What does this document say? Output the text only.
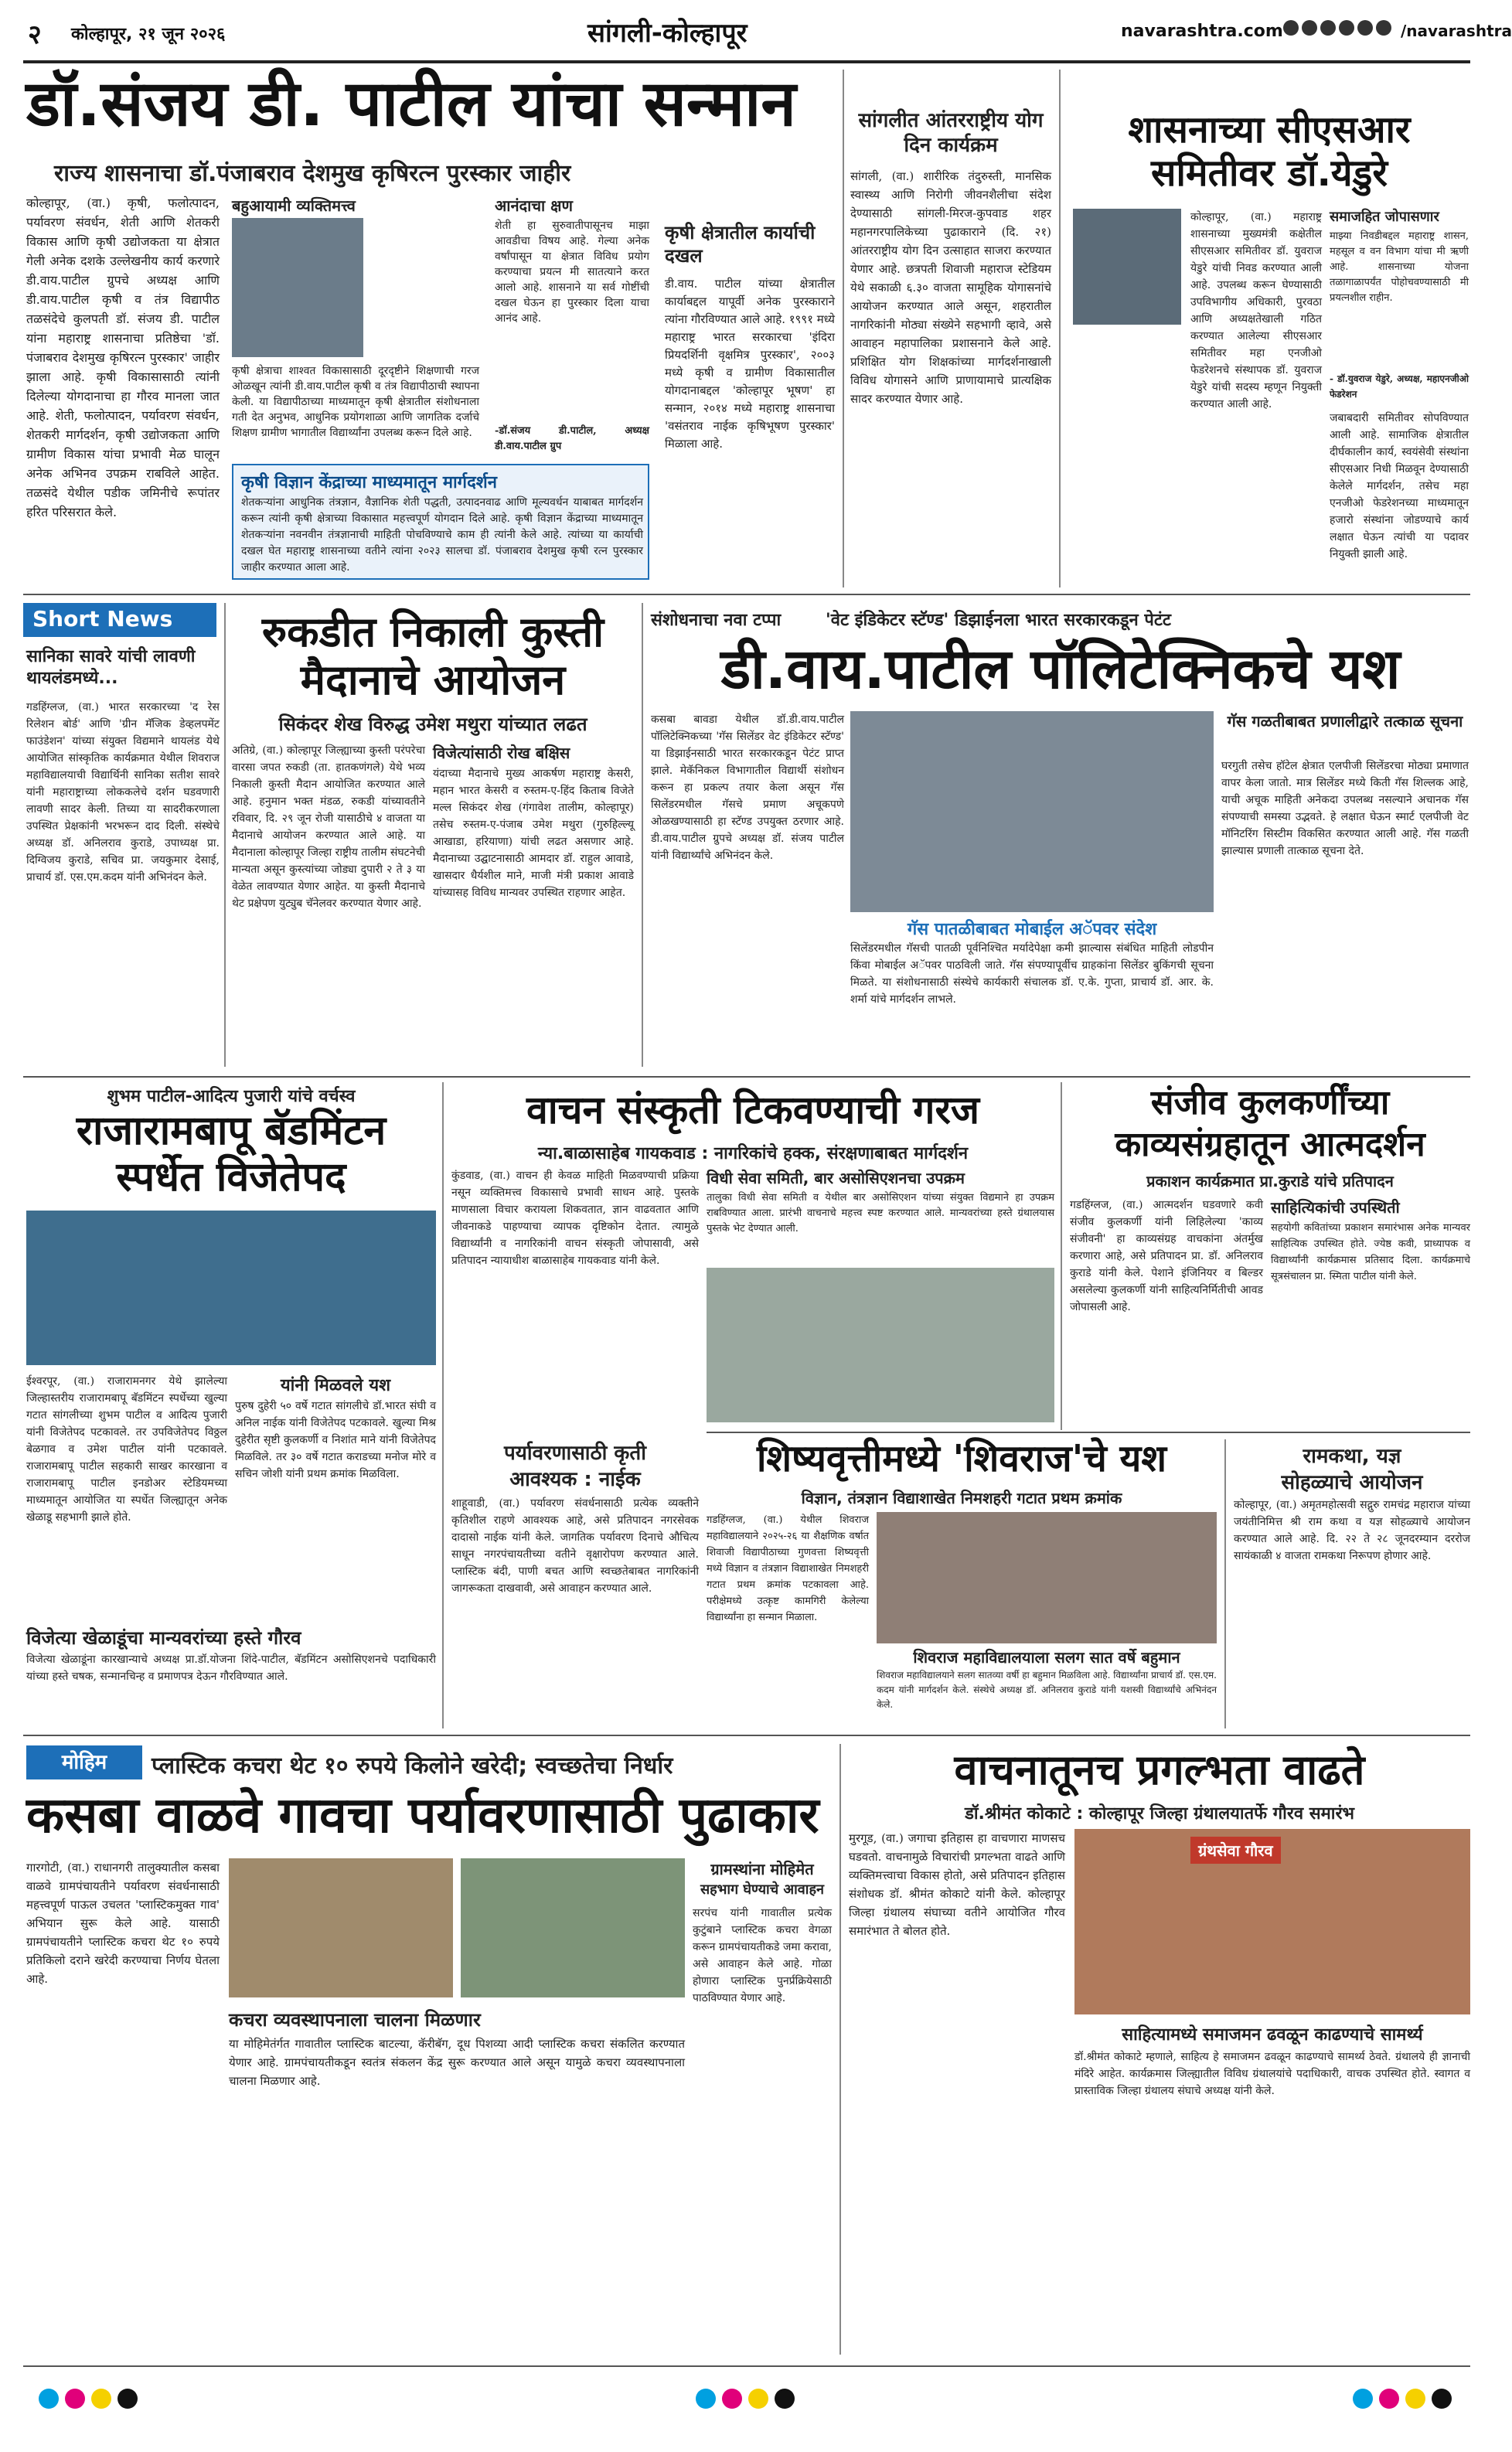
२ कोल्हापूर, २१ जून २०२६	सांगली-कोल्हापूर	navarashtra.com	/navarashtra
डॉ.संजय डी. पाटील यांचा सन्मान
राज्य शासनाचा डॉ.पंजाबराव देशमुख कृषिरत्न पुरस्कार जाहीर
कोल्हापूर, (वा.) कृषी, फलोत्पादन, पर्यावरण संवर्धन, शेती आणि शेतकरी विकास आणि कृषी उद्योजकता या क्षेत्रात गेली अनेक दशके उल्लेखनीय कार्य करणारे डी.वाय.पाटील ग्रुपचे अध्यक्ष आणि डी.वाय.पाटील कृषी व तंत्र विद्यापीठ तळसंदेचे कुलपती डॉ. संजय डी. पाटील यांना महाराष्ट्र शासनाचा प्रतिष्ठेचा 'डॉ. पंजाबराव देशमुख कृषिरत्न पुरस्कार' जाहीर झाला आहे. कृषी विकासासाठी त्यांनी दिलेल्या योगदानाचा हा गौरव मानला जात आहे. शेती, फलोत्पादन, पर्यावरण संवर्धन, शेतकरी मार्गदर्शन, कृषी उद्योजकता आणि ग्रामीण विकास यांचा प्रभावी मेळ घालून अनेक अभिनव उपक्रम राबविले आहेत. तळसंदे येथील पडीक जमिनीचे रूपांतर हरित परिसरात केले.
बहुआयामी व्यक्तिमत्त्व
कृषी क्षेत्राचा शाश्वत विकासासाठी दूरदृष्टीने शिक्षणाची गरज ओळखून त्यांनी डी.वाय.पाटील कृषी व तंत्र विद्यापीठाची स्थापना केली. या विद्यापीठाच्या माध्यमातून कृषी क्षेत्रातील संशोधनाला गती देत अनुभव, आधुनिक प्रयोगशाळा आणि जागतिक दर्जाचे शिक्षण ग्रामीण भागातील विद्यार्थ्यांना उपलब्ध करून दिले आहे.
आनंदाचा क्षण
शेती हा सुरुवातीपासूनच माझा आवडीचा विषय आहे. गेल्या अनेक वर्षांपासून या क्षेत्रात विविध प्रयोग करण्याचा प्रयत्न मी सातत्याने करत आलो आहे. शासनाने या सर्व गोष्टींची दखल घेऊन हा पुरस्कार दिला याचा आनंद आहे.
-डॉ.संजय डी.पाटील, अध्यक्ष डी.वाय.पाटील ग्रुप
कृषी क्षेत्रातील कार्याची दखल
डी.वाय. पाटील यांच्या क्षेत्रातील कार्याबद्दल यापूर्वी अनेक पुरस्काराने त्यांना गौरविण्यात आले आहे. १९९१ मध्ये महाराष्ट्र भारत सरकारचा 'इंदिरा प्रियदर्शिनी वृक्षमित्र पुरस्कार', २००३ मध्ये कृषी व ग्रामीण विकासातील योगदानाबद्दल 'कोल्हापूर भूषण' हा सन्मान, २०१४ मध्ये महाराष्ट्र शासनाचा 'वसंतराव नाईक कृषिभूषण पुरस्कार' मिळाला आहे.
कृषी विज्ञान केंद्राच्या माध्यमातून मार्गदर्शन
शेतकऱ्यांना आधुनिक तंत्रज्ञान, वैज्ञानिक शेती पद्धती, उत्पादनवाढ आणि मूल्यवर्धन याबाबत मार्गदर्शन करून त्यांनी कृषी क्षेत्राच्या विकासात महत्त्वपूर्ण योगदान दिले आहे. कृषी विज्ञान केंद्राच्या माध्यमातून शेतकऱ्यांना नवनवीन तंत्रज्ञानाची माहिती पोचविण्याचे काम ही त्यांनी केले आहे. त्यांच्या या कार्याची दखल घेत महाराष्ट्र शासनाच्या वतीने त्यांना २०२३ सालचा डॉ. पंजाबराव देशमुख कृषी रत्न पुरस्कार जाहीर करण्यात आला आहे.
सांगलीत आंतरराष्ट्रीय योग दिन कार्यक्रम
सांगली, (वा.) शारीरिक तंदुरुस्ती, मानसिक स्वास्थ्य आणि निरोगी जीवनशैलीचा संदेश देण्यासाठी सांगली-मिरज-कुपवाड शहर महानगरपालिकेच्या पुढाकाराने (दि. २१) आंतरराष्ट्रीय योग दिन उत्साहात साजरा करण्यात येणार आहे. छत्रपती शिवाजी महाराज स्टेडियम येथे सकाळी ६.३० वाजता सामूहिक योगासनांचे आयोजन करण्यात आले असून, शहरातील नागरिकांनी मोठ्या संख्येने सहभागी व्हावे, असे आवाहन महापालिका प्रशासनाने केले आहे. प्रशिक्षित योग शिक्षकांच्या मार्गदर्शनाखाली विविध योगासने आणि प्राणायामाचे प्रात्यक्षिक सादर करण्यात येणार आहे.
शासनाच्या सीएसआर समितीवर डॉ.येडुरे
समाजहित जोपासणार
कोल्हापूर, (वा.) महाराष्ट्र शासनाच्या मुख्यमंत्री कक्षेतील सीएसआर समितीवर डॉ. युवराज येडुरे यांची निवड करण्यात आली आहे. उपलब्ध करून घेण्यासाठी उपविभागीय अधिकारी, पुरवठा आणि अध्यक्षतेखाली गठित करण्यात आलेल्या सीएसआर समितीवर महा एनजीओ फेडरेशनचे संस्थापक डॉ. युवराज येडुरे यांची सदस्य म्हणून नियुक्ती करण्यात आली आहे.
माझ्या निवडीबद्दल महाराष्ट्र शासन, महसूल व वन विभाग यांचा मी ऋणी आहे. शासनाच्या योजना तळागाळापर्यंत पोहोचवण्यासाठी मी प्रयत्नशील राहीन.
- डॉ.युवराज येडुरे, अध्यक्ष, महाएनजीओ फेडरेशन
जबाबदारी समितीवर सोपविण्यात आली आहे. सामाजिक क्षेत्रातील दीर्घकालीन कार्य, स्वयंसेवी संस्थांना सीएसआर निधी मिळवून देण्यासाठी केलेले मार्गदर्शन, तसेच महा एनजीओ फेडरेशनच्या माध्यमातून हजारो संस्थांना जोडण्याचे कार्य लक्षात घेऊन त्यांची या पदावर नियुक्ती झाली आहे.
Short News
सानिका सावरे यांची लावणी थायलंडमध्ये...
गडहिंग्लज, (वा.) भारत सरकारच्या 'द रेस रिलेशन बोर्ड' आणि 'ग्रीन मॅजिक डेव्हलपमेंट फाउंडेशन' यांच्या संयुक्त विद्यमाने थायलंड येथे आयोजित सांस्कृतिक कार्यक्रमात येथील शिवराज महाविद्यालयाची विद्यार्थिनी सानिका सतीश सावरे यांनी महाराष्ट्राच्या लोककलेचे दर्शन घडवणारी लावणी सादर केली. तिच्या या सादरीकरणाला उपस्थित प्रेक्षकांनी भरभरून दाद दिली. संस्थेचे अध्यक्ष डॉ. अनिलराव कुराडे, उपाध्यक्ष प्रा. दिग्विजय कुराडे, सचिव प्रा. जयकुमार देसाई, प्राचार्य डॉ. एस.एम.कदम यांनी अभिनंदन केले.
रुकडीत निकाली कुस्ती
मैदानाचे आयोजन
सिकंदर शेख विरुद्ध उमेश मथुरा यांच्यात लढत
अतिग्रे, (वा.) कोल्हापूर जिल्ह्याच्या कुस्ती परंपरेचा वारसा जपत रुकडी (ता. हातकणंगले) येथे भव्य निकाली कुस्ती मैदान आयोजित करण्यात आले आहे. हनुमान भक्त मंडळ, रुकडी यांच्यावतीने रविवार, दि. २९ जून रोजी यासाठीचे ४ वाजता या मैदानाचे आयोजन करण्यात आले आहे. या मैदानाला कोल्हापूर जिल्हा राष्ट्रीय तालीम संघटनेची मान्यता असून कुस्त्यांच्या जोड्या दुपारी २ ते ३ या वेळेत लावण्यात येणार आहेत. या कुस्ती मैदानाचे थेट प्रक्षेपण युट्युब चॅनेलवर करण्यात येणार आहे.
विजेत्यांसाठी रोख बक्षिस
यंदाच्या मैदानाचे मुख्य आकर्षण महाराष्ट्र केसरी, महान भारत केसरी व रुस्तम-ए-हिंद किताब विजेते मल्ल सिकंदर शेख (गंगावेश तालीम, कोल्हापूर) तसेच रुस्तम-ए-पंजाब उमेश मथुरा (गुरुहिल्ल्यू आखाडा, हरियाणा) यांची लढत असणार आहे. मैदानाच्या उद्घाटनासाठी आमदार डॉ. राहुल आवाडे, खासदार धैर्यशील माने, माजी मंत्री प्रकाश आवाडे यांच्यासह विविध मान्यवर उपस्थित राहणार आहेत.
संशोधनाचा नवा टप्पा	'वेट इंडिकेटर स्टॅण्ड' डिझाईनला भारत सरकारकडून पेटंट
डी.वाय.पाटील पॉलिटेक्निकचे यश
कसबा बावडा येथील डॉ.डी.वाय.पाटील पॉलिटेक्निकच्या 'गॅस सिलेंडर वेट इंडिकेटर स्टॅण्ड' या डिझाईनसाठी भारत सरकारकडून पेटंट प्राप्त झाले. मेकॅनिकल विभागातील विद्यार्थी संशोधन करून हा प्रकल्प तयार केला असून गॅस सिलेंडरमधील गॅसचे प्रमाण अचूकपणे ओळखण्यासाठी हा स्टॅण्ड उपयुक्त ठरणार आहे. डी.वाय.पाटील ग्रुपचे अध्यक्ष डॉ. संजय पाटील यांनी विद्यार्थ्यांचे अभिनंदन केले.
गॅस पातळीबाबत मोबाईल अॅपवर संदेश
सिलेंडरमधील गॅसची पातळी पूर्वनिश्चित मर्यादेपेक्षा कमी झाल्यास संबंधित माहिती लोडपीन किंवा मोबाईल अॅपवर पाठविली जाते. गॅस संपण्यापूर्वीच ग्राहकांना सिलेंडर बुकिंगची सूचना मिळते. या संशोधनासाठी संस्थेचे कार्यकारी संचालक डॉ. ए.के. गुप्ता, प्राचार्य डॉ. आर. के. शर्मा यांचे मार्गदर्शन लाभले.
गॅस गळतीबाबत प्रणालीद्वारे तत्काळ सूचना
घरगुती तसेच हॉटेल क्षेत्रात एलपीजी सिलेंडरचा मोठ्या प्रमाणात वापर केला जातो. मात्र सिलेंडर मध्ये किती गॅस शिल्लक आहे, याची अचूक माहिती अनेकदा उपलब्ध नसल्याने अचानक गॅस संपण्याची समस्या उद्भवते. हे लक्षात घेऊन स्मार्ट एलपीजी वेट मॉनिटरिंग सिस्टीम विकसित करण्यात आली आहे. गॅस गळती झाल्यास प्रणाली तात्काळ सूचना देते.
शुभम पाटील-आदित्य पुजारी यांचे वर्चस्व
राजारामबापू बॅडमिंटन
स्पर्धेत विजेतेपद
ईश्वरपूर, (वा.) राजारामनगर येथे झालेल्या जिल्हास्तरीय राजारामबापू बॅडमिंटन स्पर्धेच्या खुल्या गटात सांगलीच्या शुभम पाटील व आदित्य पुजारी यांनी विजेतेपद पटकावले. तर उपविजेतेपद विठ्ठल बेळगाव व उमेश पाटील यांनी पटकावले. राजारामबापू पाटील सहकारी साखर कारखाना व राजारामबापू पाटील इनडोअर स्टेडियमच्या माध्यमातून आयोजित या स्पर्धेत जिल्ह्यातून अनेक खेळाडू सहभागी झाले होते.
यांनी मिळवले यश
पुरुष दुहेरी ५० वर्षे गटात सांगलीचे डॉ.भारत संघी व अनिल नाईक यांनी विजेतेपद पटकावले. खुल्या मिश्र दुहेरीत सृष्टी कुलकर्णी व निशांत माने यांनी विजेतेपद मिळविले. तर ३० वर्षे गटात कराडच्या मनोज मोरे व सचिन जोशी यांनी प्रथम क्रमांक मिळविला.
विजेत्या खेळाडूंचा मान्यवरांच्या हस्ते गौरव
विजेत्या खेळाडूंना कारखान्याचे अध्यक्ष प्रा.डॉ.योजना शिंदे-पाटील, बॅडमिंटन असोसिएशनचे पदाधिकारी यांच्या हस्ते चषक, सन्मानचिन्ह व प्रमाणपत्र देऊन गौरविण्यात आले.
वाचन संस्कृती टिकवण्याची गरज
न्या.बाळासाहेब गायकवाड : नागरिकांचे हक्क, संरक्षणाबाबत मार्गदर्शन
कुंडवाड, (वा.) वाचन ही केवळ माहिती मिळवण्याची प्रक्रिया नसून व्यक्तिमत्त्व विकासाचे प्रभावी साधन आहे. पुस्तके माणसाला विचार करायला शिकवतात, ज्ञान वाढवतात आणि जीवनाकडे पाहण्याचा व्यापक दृष्टिकोन देतात. त्यामुळे विद्यार्थ्यांनी व नागरिकांनी वाचन संस्कृती जोपासावी, असे प्रतिपादन न्यायाधीश बाळासाहेब गायकवाड यांनी केले.
विधी सेवा समिती, बार असोसिएशनचा उपक्रम
तालुका विधी सेवा समिती व येथील बार असोसिएशन यांच्या संयुक्त विद्यमाने हा उपक्रम राबविण्यात आला. प्रारंभी वाचनाचे महत्त्व स्पष्ट करण्यात आले. मान्यवरांच्या हस्ते ग्रंथालयास पुस्तके भेट देण्यात आली.
पर्यावरणासाठी कृती
आवश्यक : नाईक
शाहूवाडी, (वा.) पर्यावरण संवर्धनासाठी प्रत्येक व्यक्तीने कृतिशील राहणे आवश्यक आहे, असे प्रतिपादन नगरसेवक दादासो नाईक यांनी केले. जागतिक पर्यावरण दिनाचे औचित्य साधून नगरपंचायतीच्या वतीने वृक्षारोपण करण्यात आले. प्लास्टिक बंदी, पाणी बचत आणि स्वच्छतेबाबत नागरिकांनी जागरूकता दाखवावी, असे आवाहन करण्यात आले.
संजीव कुलकर्णींच्या
काव्यसंग्रहातून आत्मदर्शन
प्रकाशन कार्यक्रमात प्रा.कुराडे यांचे प्रतिपादन
गडहिंग्लज, (वा.) आत्मदर्शन घडवणारे कवी संजीव कुलकर्णी यांनी लिहिलेल्या 'काव्य संजीवनी' हा काव्यसंग्रह वाचकांना अंतर्मुख करणारा आहे, असे प्रतिपादन प्रा. डॉ. अनिलराव कुराडे यांनी केले. पेशाने इंजिनियर व बिल्डर असलेल्या कुलकर्णी यांनी साहित्यनिर्मितीची आवड जोपासली आहे.
साहित्यिकांची उपस्थिती
सहयोगी कवितांच्या प्रकाशन समारंभास अनेक मान्यवर साहित्यिक उपस्थित होते. ज्येष्ठ कवी, प्राध्यापक व विद्यार्थ्यांनी कार्यक्रमास प्रतिसाद दिला. कार्यक्रमाचे सूत्रसंचालन प्रा. स्मिता पाटील यांनी केले.
शिष्यवृत्तीमध्ये 'शिवराज'चे यश
विज्ञान, तंत्रज्ञान विद्याशाखेत निमशहरी गटात प्रथम क्रमांक
गडहिंग्लज, (वा.) येथील शिवराज महाविद्यालयाने २०२५-२६ या शैक्षणिक वर्षात शिवाजी विद्यापीठाच्या गुणवत्ता शिष्यवृत्ती मध्ये विज्ञान व तंत्रज्ञान विद्याशाखेत निमशहरी गटात प्रथम क्रमांक पटकावला आहे. परीक्षेमध्ये उत्कृष्ट कामगिरी केलेल्या विद्यार्थ्यांना हा सन्मान मिळाला.
शिवराज महाविद्यालयाला सलग सात वर्षे बहुमान
शिवराज महाविद्यालयाने सलग सातव्या वर्षी हा बहुमान मिळविला आहे. विद्यार्थ्यांना प्राचार्य डॉ. एस.एम. कदम यांनी मार्गदर्शन केले. संस्थेचे अध्यक्ष डॉ. अनिलराव कुराडे यांनी यशस्वी विद्यार्थ्यांचे अभिनंदन केले.
रामकथा, यज्ञ
सोहळ्याचे आयोजन
कोल्हापूर, (वा.) अमृतमहोत्सवी सद्गुरु रामचंद्र महाराज यांच्या जयंतीनिमित्त श्री राम कथा व यज्ञ सोहळ्याचे आयोजन करण्यात आले आहे. दि. २२ ते २८ जूनदरम्यान दररोज सायंकाळी ४ वाजता रामकथा निरूपण होणार आहे.
मोहिम	प्लास्टिक कचरा थेट १० रुपये किलोने खरेदी; स्वच्छतेचा निर्धार
कसबा वाळवे गावचा पर्यावरणासाठी पुढाकार
गारगोटी, (वा.) राधानगरी तालुक्यातील कसबा वाळवे ग्रामपंचायतीने पर्यावरण संवर्धनासाठी महत्त्वपूर्ण पाऊल उचलत 'प्लास्टिकमुक्त गाव' अभियान सुरू केले आहे. यासाठी ग्रामपंचायतीने प्लास्टिक कचरा थेट १० रुपये प्रतिकिलो दराने खरेदी करण्याचा निर्णय घेतला आहे.
ग्रामस्थांना मोहिमेत
सहभाग घेण्याचे आवाहन
सरपंच यांनी गावातील प्रत्येक कुटुंबाने प्लास्टिक कचरा वेगळा करून ग्रामपंचायतीकडे जमा करावा, असे आवाहन केले आहे. गोळा होणारा प्लास्टिक पुनर्प्रक्रियेसाठी पाठविण्यात येणार आहे.
कचरा व्यवस्थापनाला चालना मिळणार
या मोहिमेतंर्गत गावातील प्लास्टिक बाटल्या, कॅरीबॅग, दूध पिशव्या आदी प्लास्टिक कचरा संकलित करण्यात येणार आहे. ग्रामपंचायतीकडून स्वतंत्र संकलन केंद्र सुरू करण्यात आले असून यामुळे कचरा व्यवस्थापनाला चालना मिळणार आहे.
वाचनातूनच प्रगल्भता वाढते
डॉ.श्रीमंत कोकाटे : कोल्हापूर जिल्हा ग्रंथालयातर्फे गौरव समारंभ
मुरगूड, (वा.) जगाचा इतिहास हा वाचणारा माणसच घडवतो. वाचनामुळे विचारांची प्रगल्भता वाढते आणि व्यक्तिमत्त्वाचा विकास होतो, असे प्रतिपादन इतिहास संशोधक डॉ. श्रीमंत कोकाटे यांनी केले. कोल्हापूर जिल्हा ग्रंथालय संघाच्या वतीने आयोजित गौरव समारंभात ते बोलत होते.
ग्रंथसेवा गौरव
साहित्यामध्ये समाजमन ढवळून काढण्याचे सामर्थ्य
डॉ.श्रीमंत कोकाटे म्हणाले, साहित्य हे समाजमन ढवळून काढण्याचे सामर्थ्य ठेवते. ग्रंथालये ही ज्ञानाची मंदिरे आहेत. कार्यक्रमास जिल्ह्यातील विविध ग्रंथालयांचे पदाधिकारी, वाचक उपस्थित होते. स्वागत व प्रास्ताविक जिल्हा ग्रंथालय संघाचे अध्यक्ष यांनी केले.
